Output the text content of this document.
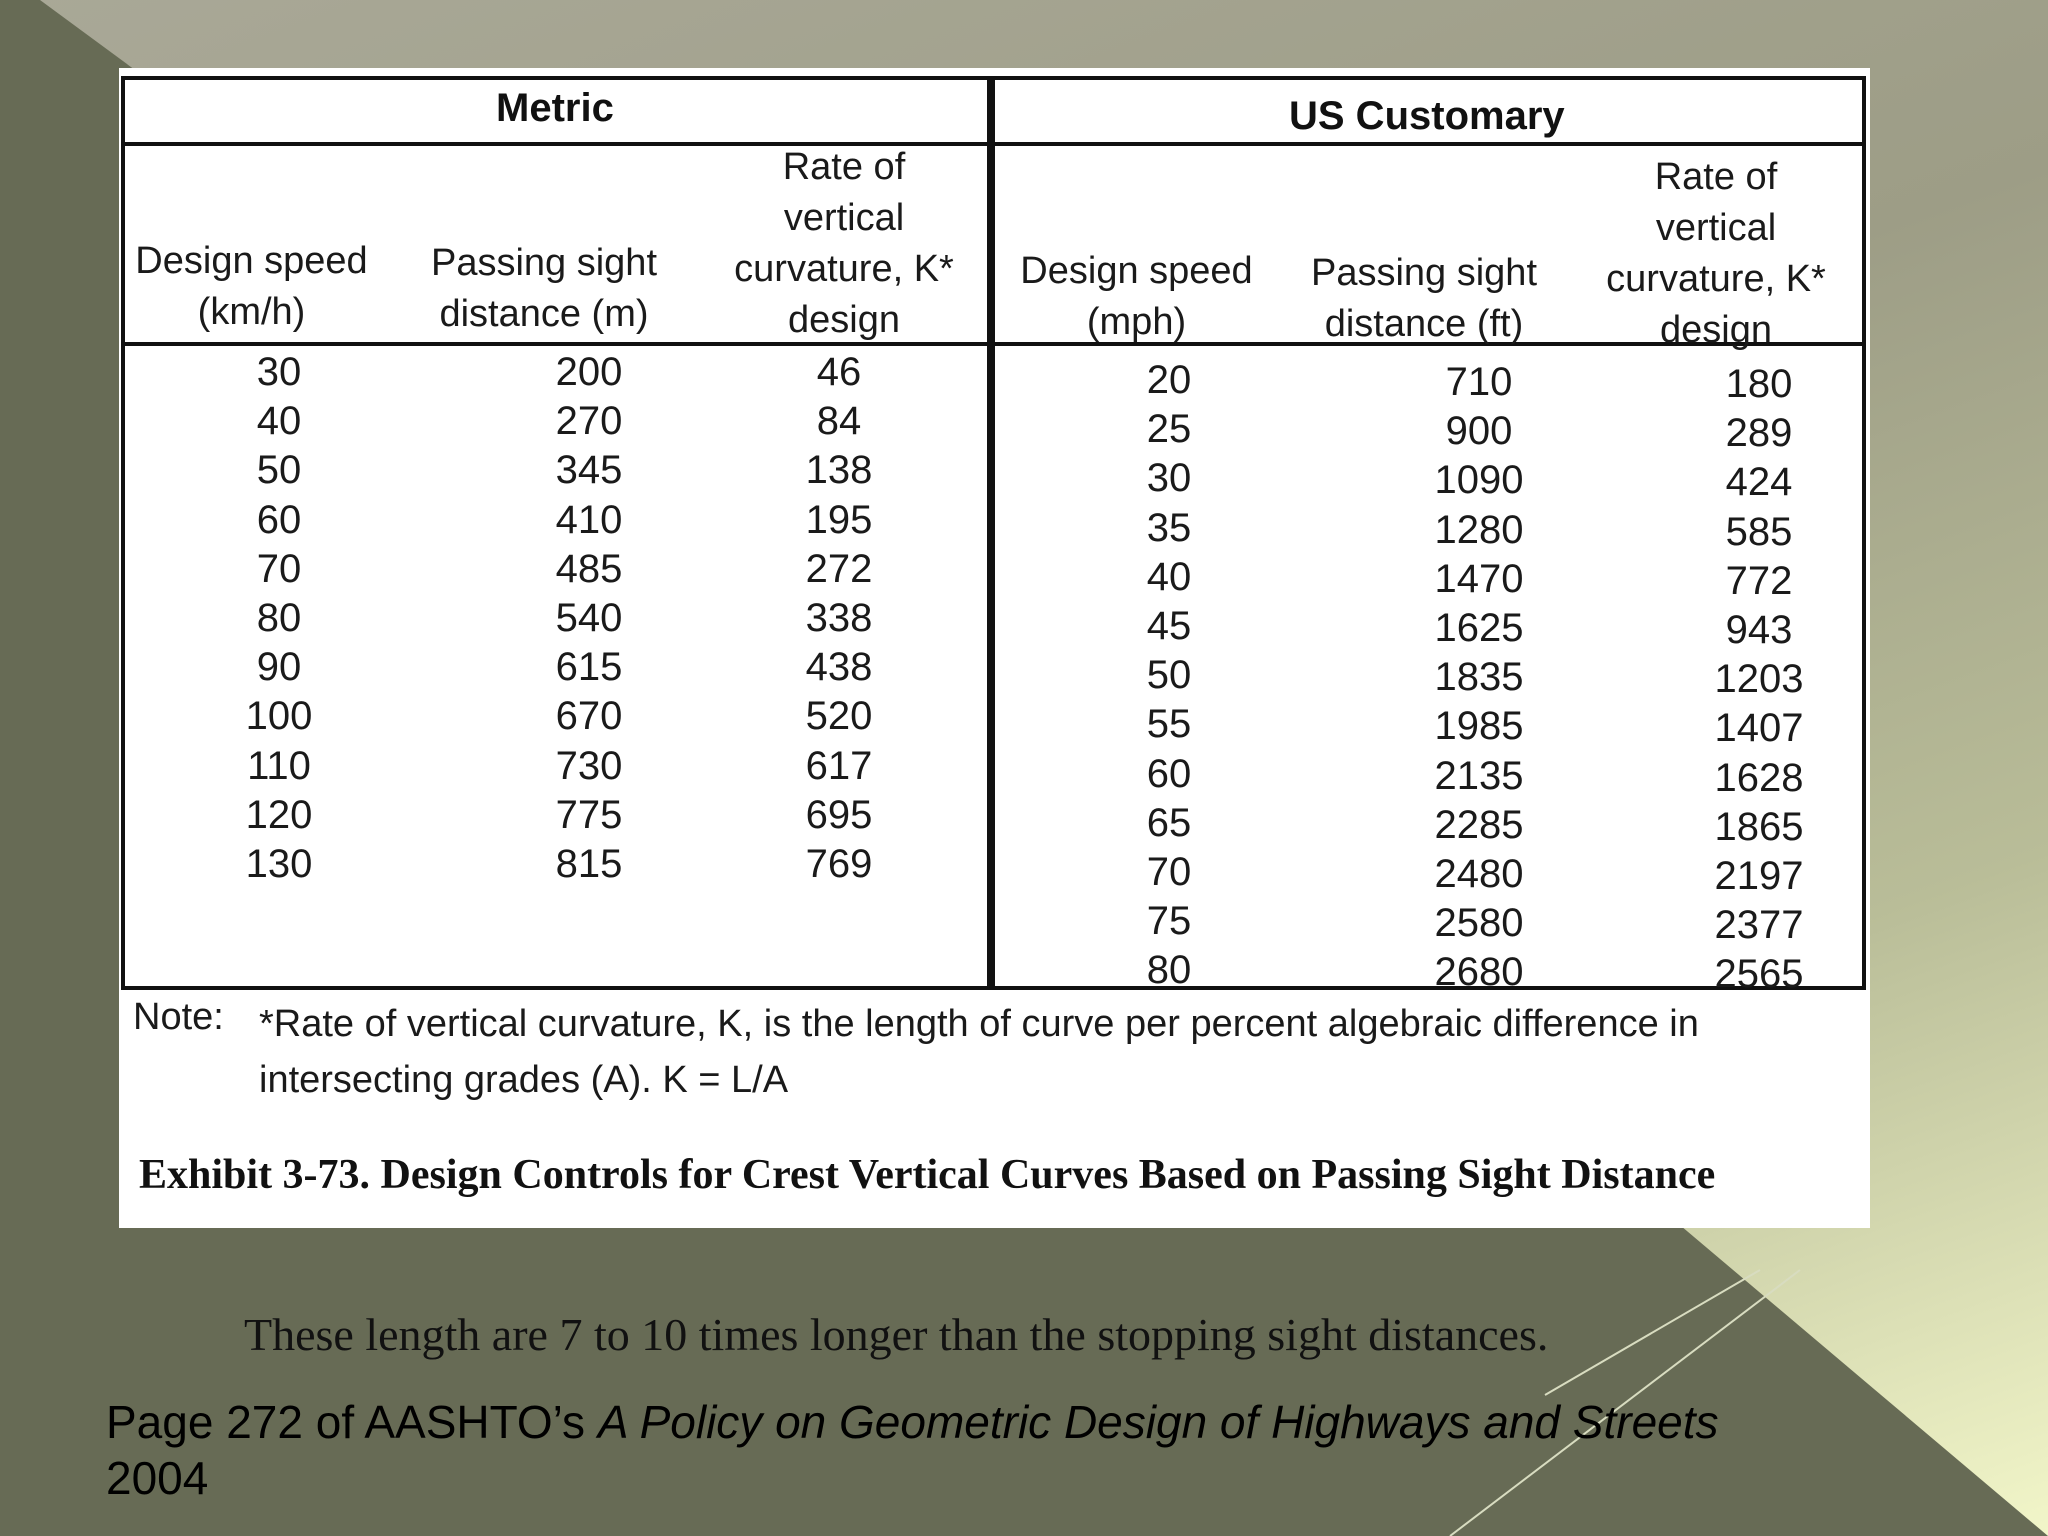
Metric	US Customary
Design speed
(km/h)
Passing sight
distance (m)
Rate of
vertical
curvature, K*
design
Design speed
(mph)
Passing sight
distance (ft)
Rate of
vertical
curvature, K*
design
30
40
50
60
70
80
90
100
110
120
130
200
270
345
410
485
540
615
670
730
775
815
46
84
138
195
272
338
438
520
617
695
769
20
25
30
35
40
45
50
55
60
65
70
75
80
710
900
1090
1280
1470
1625
1835
1985
2135
2285
2480
2580
2680
180
289
424
585
772
943
1203
1407
1628
1865
2197
2377
2565
Note: *Rate of vertical curvature, K, is the length of curve per percent algebraic difference in intersecting grades (A). K = L/A
Exhibit 3-73. Design Controls for Crest Vertical Curves Based on Passing Sight Distance
These length are 7 to 10 times longer than the stopping sight distances.
Page 272 of AASHTO’s A Policy on Geometric Design of Highways and Streets
2004
